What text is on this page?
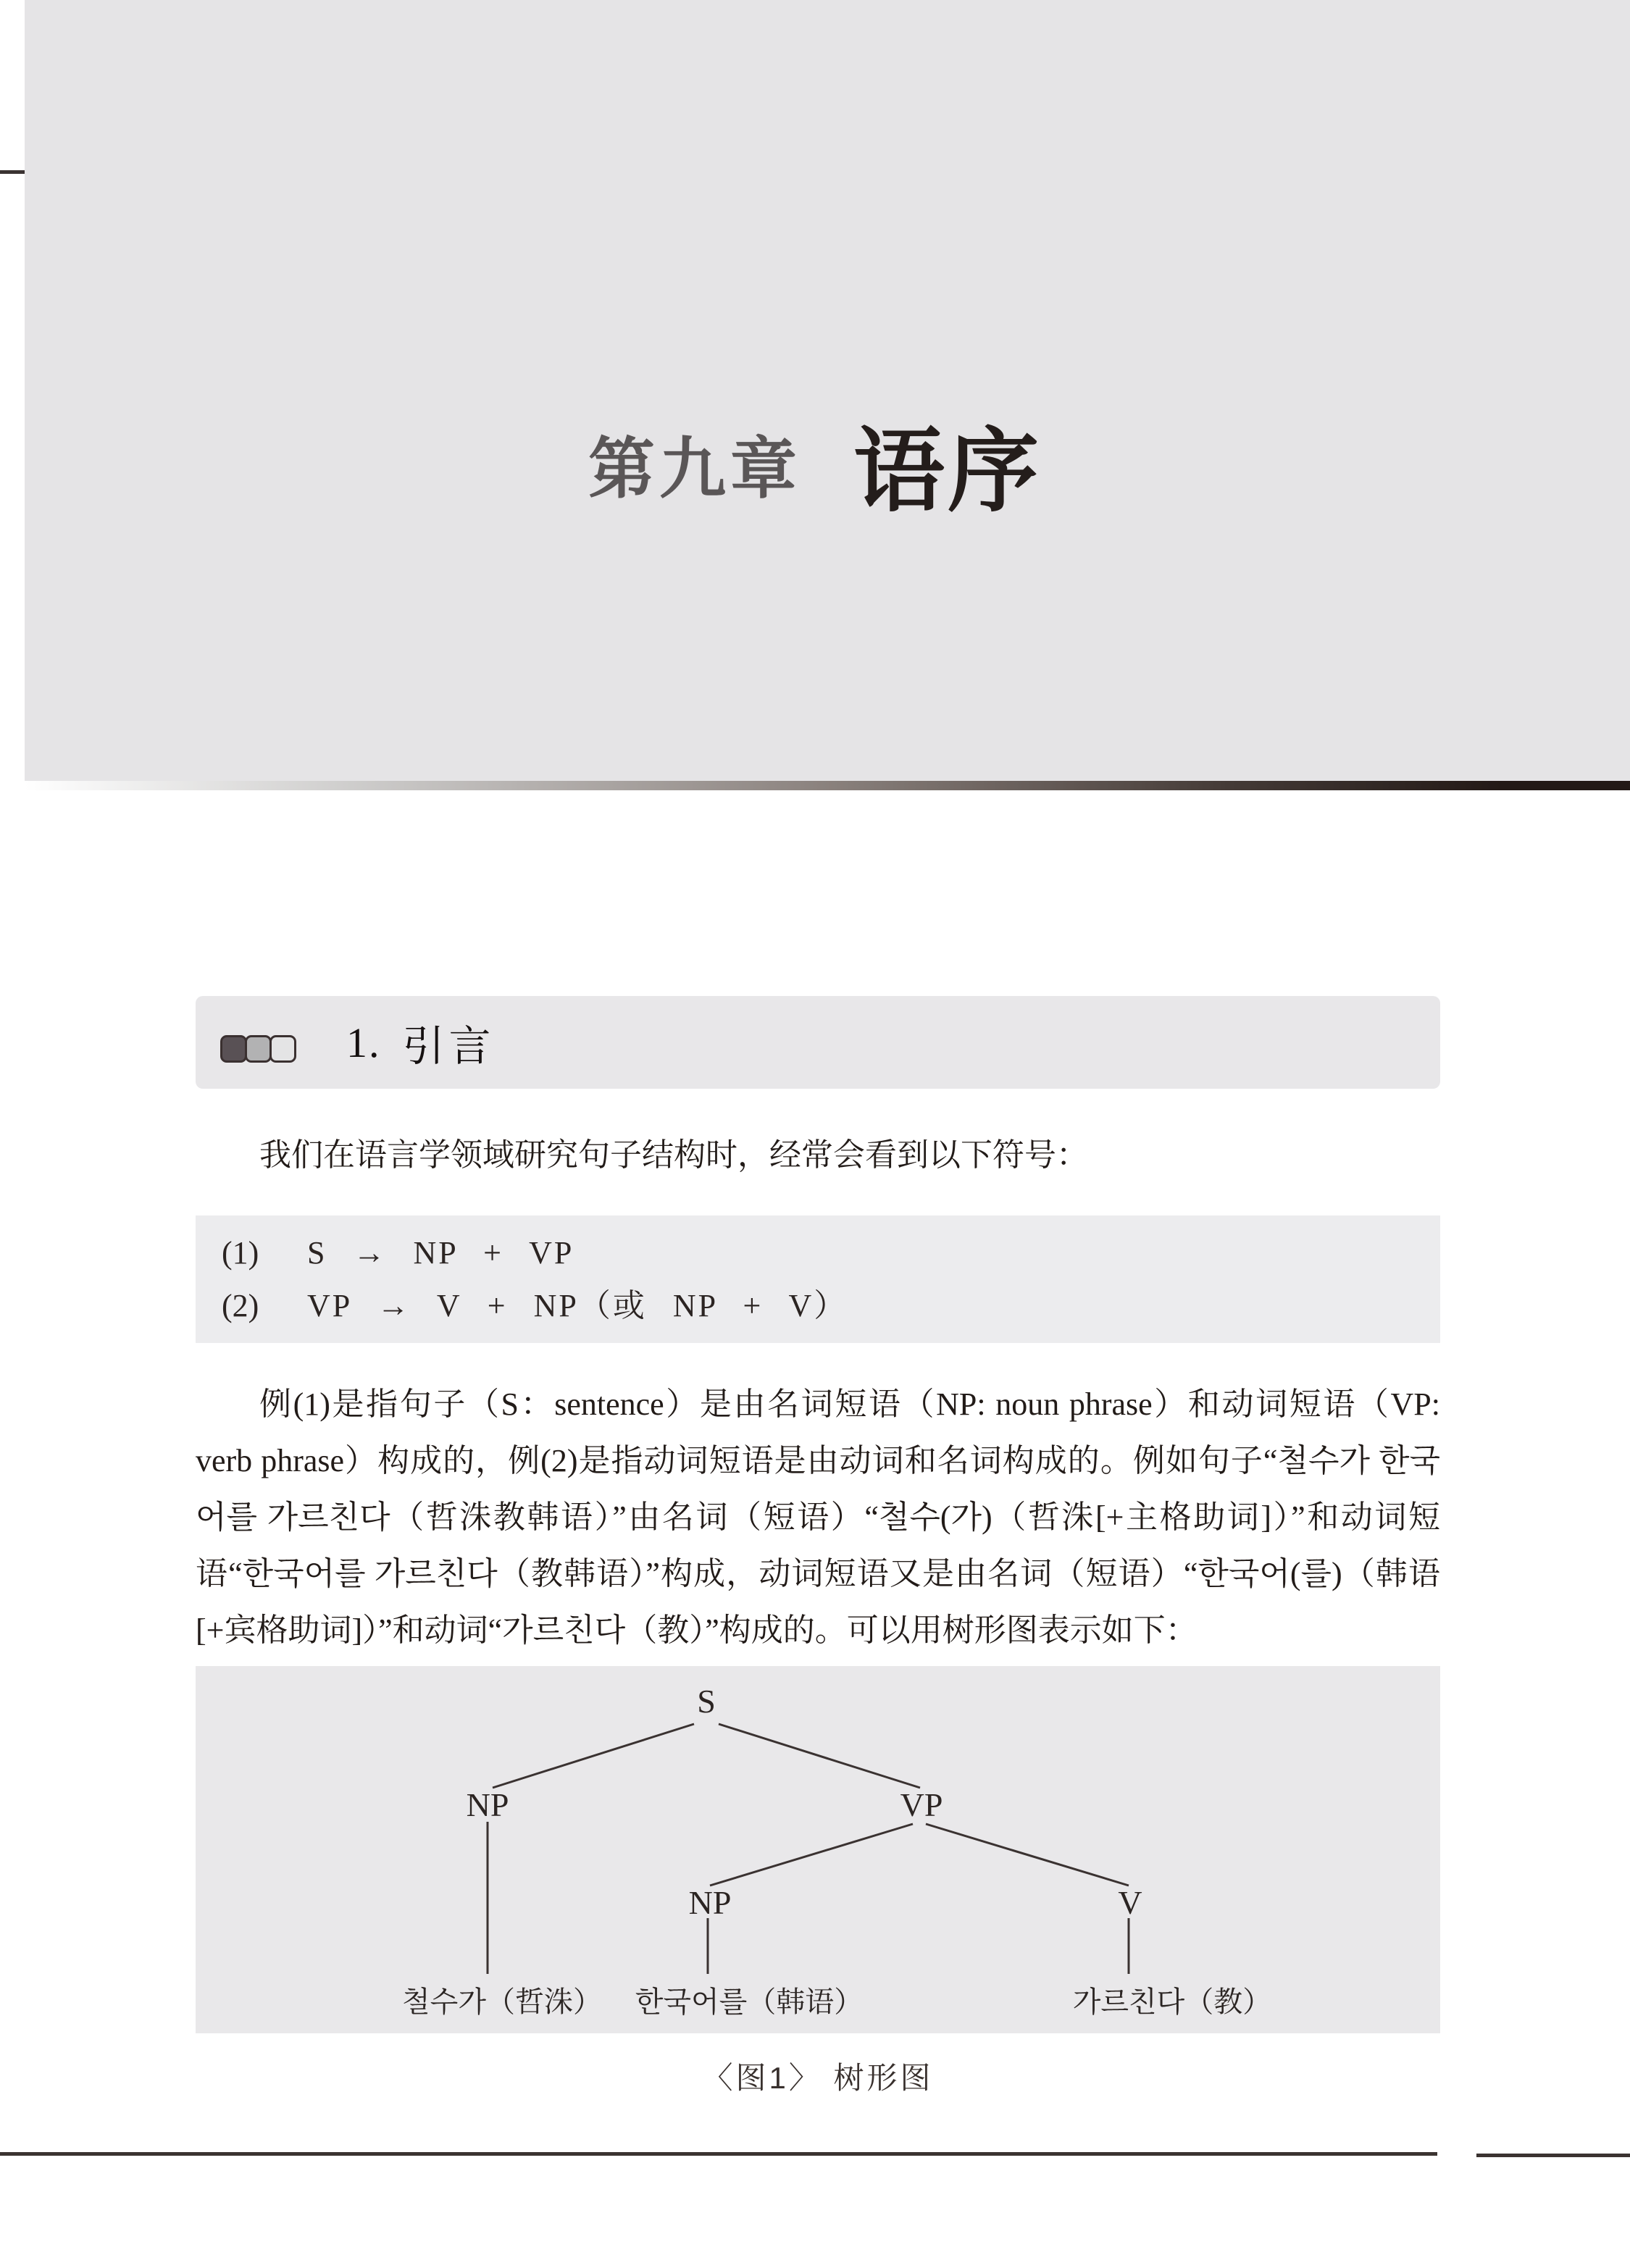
第九章 语序
1. 引言

我们在语言学领域研究句子结构时，经常会看到以下符号：

(1)	S → NP + VP
(2)	VP → V + NP（或 NP + V）

例(1)是指句子（S：sentence）是由名词短语（NP: noun phrase）和动词短语（VP: verb phrase）构成的，例(2)是指动词短语是由动词和名词构成的。例如句子“철수가 한국어를 가르친다（哲洙教韩语）”由名词（短语）“철수(가)（哲洙[+主格助词]）”和动词短语“한국어를 가르친다（教韩语）”构成，动词短语又是由名词（短语）“한국어(를)（韩语[+宾格助词]）”和动词“가르친다（教）”构成的。可以用树形图表示如下：

S
NP	VP
NP	V
철수가（哲洙） 한국어를（韩语）	가르친다（教）
〈图1〉 树形图
